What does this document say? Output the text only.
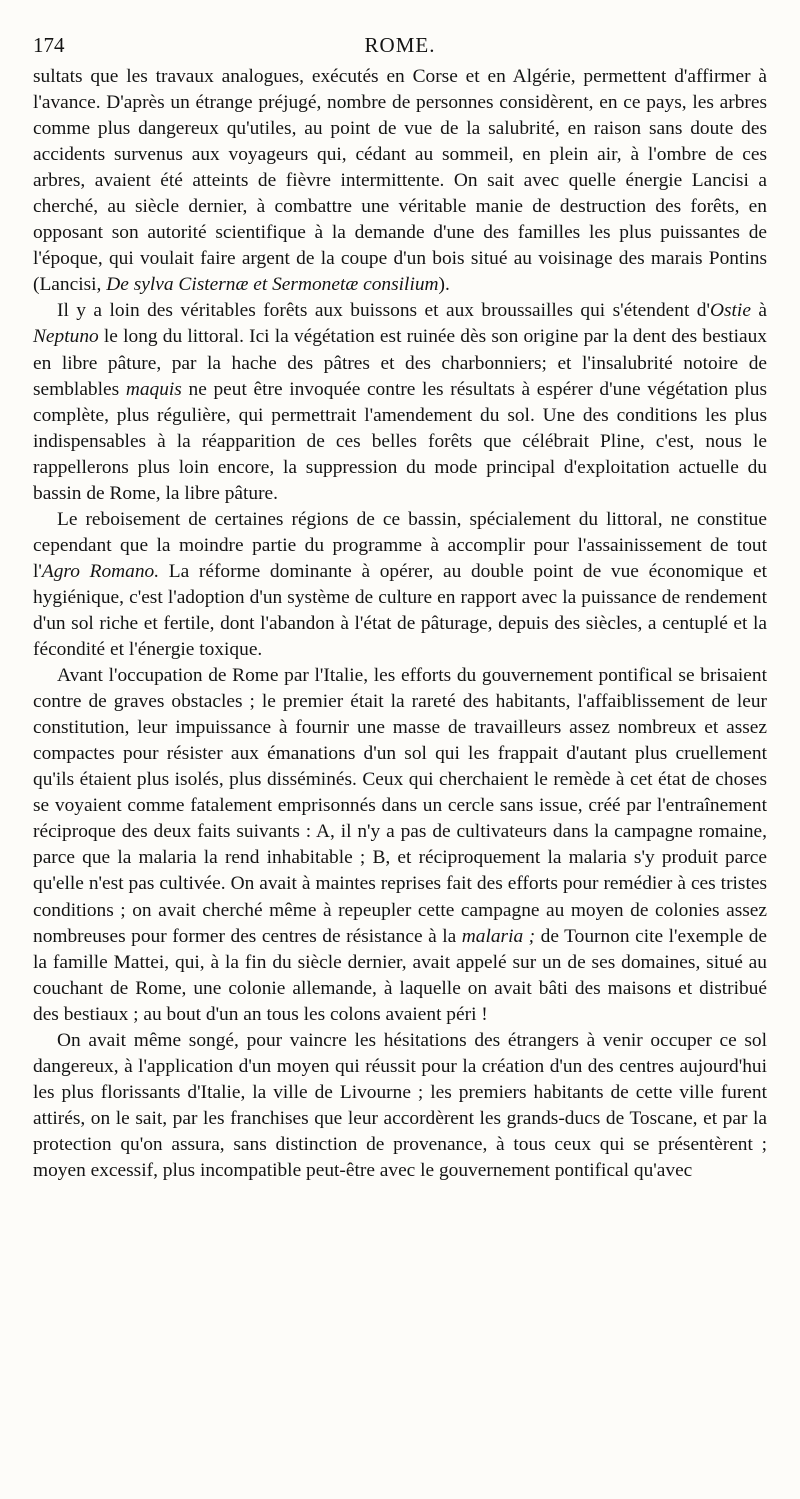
174	ROME.

sultats que les travaux analogues, exécutés en Corse et en Algérie, permettent d'affirmer à l'avance. D'après un étrange préjugé, nombre de personnes considèrent, en ce pays, les arbres comme plus dangereux qu'utiles, au point de vue de la salubrité, en raison sans doute des accidents survenus aux voyageurs qui, cédant au sommeil, en plein air, à l'ombre de ces arbres, avaient été atteints de fièvre intermittente. On sait avec quelle énergie Lancisi a cherché, au siècle dernier, à combattre une véritable manie de destruction des forêts, en opposant son autorité scientifique à la demande d'une des familles les plus puissantes de l'époque, qui voulait faire argent de la coupe d'un bois situé au voisinage des marais Pontins (Lancisi, De sylva Cisternæ et Sermonetæ consilium).

Il y a loin des véritables forêts aux buissons et aux broussailles qui s'étendent d'Ostie à Neptuno le long du littoral. Ici la végétation est ruinée dès son origine par la dent des bestiaux en libre pâture, par la hache des pâtres et des charbonniers; et l'insalubrité notoire de semblables maquis ne peut être invoquée contre les résultats à espérer d'une végétation plus complète, plus régulière, qui permettrait l'amendement du sol. Une des conditions les plus indispensables à la réapparition de ces belles forêts que célébrait Pline, c'est, nous le rappellerons plus loin encore, la suppression du mode principal d'exploitation actuelle du bassin de Rome, la libre pâture.

Le reboisement de certaines régions de ce bassin, spécialement du littoral, ne constitue cependant que la moindre partie du programme à accomplir pour l'assainissement de tout l'Agro Romano. La réforme dominante à opérer, au double point de vue économique et hygiénique, c'est l'adoption d'un système de culture en rapport avec la puissance de rendement d'un sol riche et fertile, dont l'abandon à l'état de pâturage, depuis des siècles, a centuplé et la fécondité et l'énergie toxique.

Avant l'occupation de Rome par l'Italie, les efforts du gouvernement pontifical se brisaient contre de graves obstacles ; le premier était la rareté des habitants, l'affaiblissement de leur constitution, leur impuissance à fournir une masse de travailleurs assez nombreux et assez compactes pour résister aux émanations d'un sol qui les frappait d'autant plus cruellement qu'ils étaient plus isolés, plus disséminés. Ceux qui cherchaient le remède à cet état de choses se voyaient comme fatalement emprisonnés dans un cercle sans issue, créé par l'entraînement réciproque des deux faits suivants : A, il n'y a pas de cultivateurs dans la campagne romaine, parce que la malaria la rend inhabitable ; B, et réciproquement la malaria s'y produit parce qu'elle n'est pas cultivée. On avait à maintes reprises fait des efforts pour remédier à ces tristes conditions ; on avait cherché même à repeupler cette campagne au moyen de colonies assez nombreuses pour former des centres de résistance à la malaria ; de Tournon cite l'exemple de la famille Mattei, qui, à la fin du siècle dernier, avait appelé sur un de ses domaines, situé au couchant de Rome, une colonie allemande, à laquelle on avait bâti des maisons et distribué des bestiaux ; au bout d'un an tous les colons avaient péri !

On avait même songé, pour vaincre les hésitations des étrangers à venir occuper ce sol dangereux, à l'application d'un moyen qui réussit pour la création d'un des centres aujourd'hui les plus florissants d'Italie, la ville de Livourne ; les premiers habitants de cette ville furent attirés, on le sait, par les franchises que leur accordèrent les grands-ducs de Toscane, et par la protection qu'on assura, sans distinction de provenance, à tous ceux qui se présentèrent ; moyen excessif, plus incompatible peut-être avec le gouvernement pontifical qu'avec
